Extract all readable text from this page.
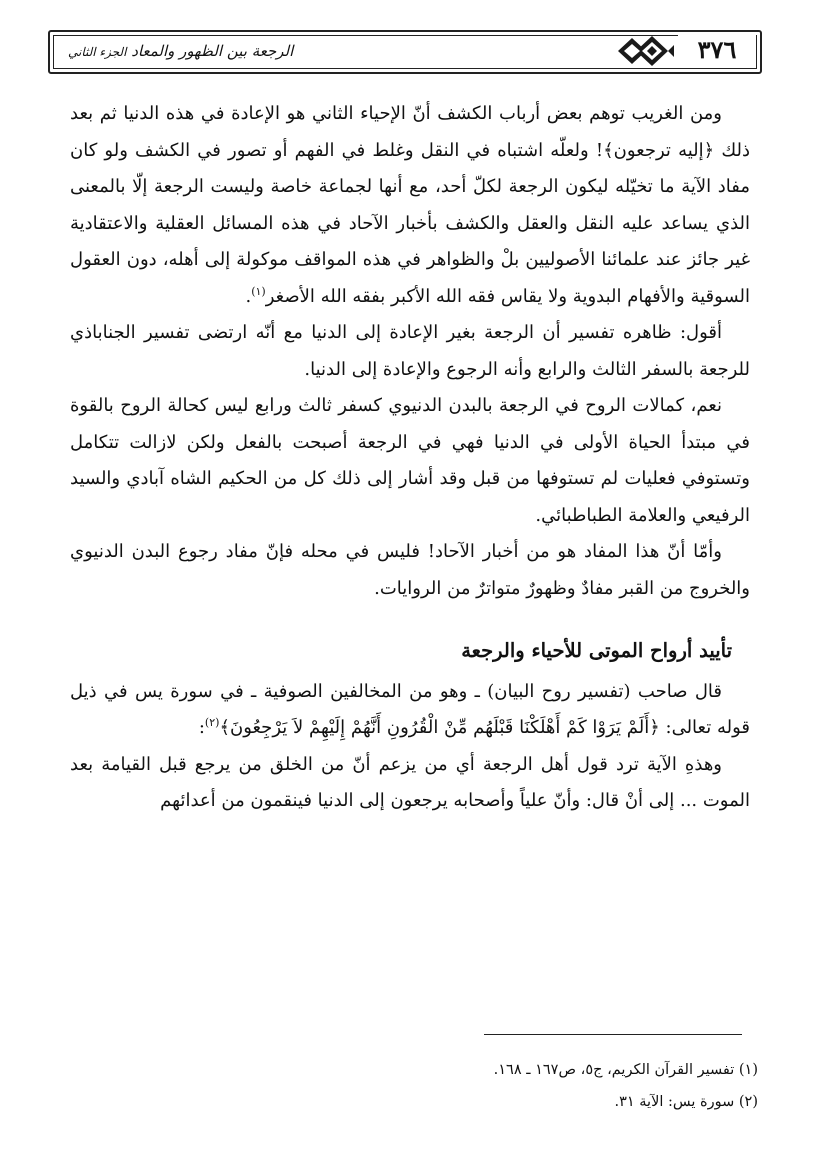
٣٧٦
الرجعة بين الظهور والمعاد الجزء الثاني

ومن الغريب توهم بعض أرباب الكشف أنّ الإحياء الثاني هو الإعادة في هذه الدنيا ثم بعد ذلك ﴿إليه ترجعون﴾! ولعلّه اشتباه في النقل وغلط في الفهم أو تصور في الكشف ولو كان مفاد الآية ما تخيّله ليكون الرجعة لكلّ أحد، مع أنها لجماعة خاصة وليست الرجعة إلّا بالمعنى الذي يساعد عليه النقل والعقل والكشف بأخبار الآحاد في هذه المسائل العقلية والاعتقادية غير جائز عند علمائنا الأصوليين بلْ والظواهر في هذه المواقف موكولة إلى أهله، دون العقول السوقية والأفهام البدوية ولا يقاس فقه الله الأكبر بفقه الله الأصغر$^{(١)}$.

أقول: ظاهره تفسير أن الرجعة بغير الإعادة إلى الدنيا مع أنّه ارتضى تفسير الجناباذي للرجعة بالسفر الثالث والرابع وأنه الرجوع والإعادة إلى الدنيا.

نعم، كمالات الروح في الرجعة بالبدن الدنيوي كسفر ثالث ورابع ليس كحالة الروح بالقوة في مبتدأ الحياة الأولى في الدنيا فهي في الرجعة أصبحت بالفعل ولكن لازالت تتكامل وتستوفي فعليات لم تستوفها من قبل وقد أشار إلى ذلك كل من الحكيم الشاه آبادي والسيد الرفيعي والعلامة الطباطبائي.

وأمّا أنّ هذا المفاد هو من أخبار الآحاد! فليس في محله فإنّ مفاد رجوع البدن الدنيوي والخروج من القبر مفادٌ وظهورٌ متواترٌ من الروايات.

تأييد أرواح الموتى للأحياء والرجعة

قال صاحب (تفسير روح البيان) ـ وهو من المخالفين الصوفية ـ في سورة يس في ذيل قوله تعالى: ﴿أَلَمْ يَرَوْا كَمْ أَهْلَكْنَا قَبْلَهُم مِّنْ الْقُرُونِ أَنَّهُمْ إِلَيْهِمْ لاَ يَرْجِعُونَ﴾$^{(٢)}$:

وهذهِ الآية ترد قول أهل الرجعة أي من يزعم أنّ من الخلق من يرجع قبل القيامة بعد الموت ... إلى أنْ قال: وأنّ علياً وأصحابه يرجعون إلى الدنيا فينقمون من أعدائهم

(١) تفسير القرآن الكريم، ج٥، ص١٦٧ ـ ١٦٨.

(٢) سورة يس: الآية ٣١.
